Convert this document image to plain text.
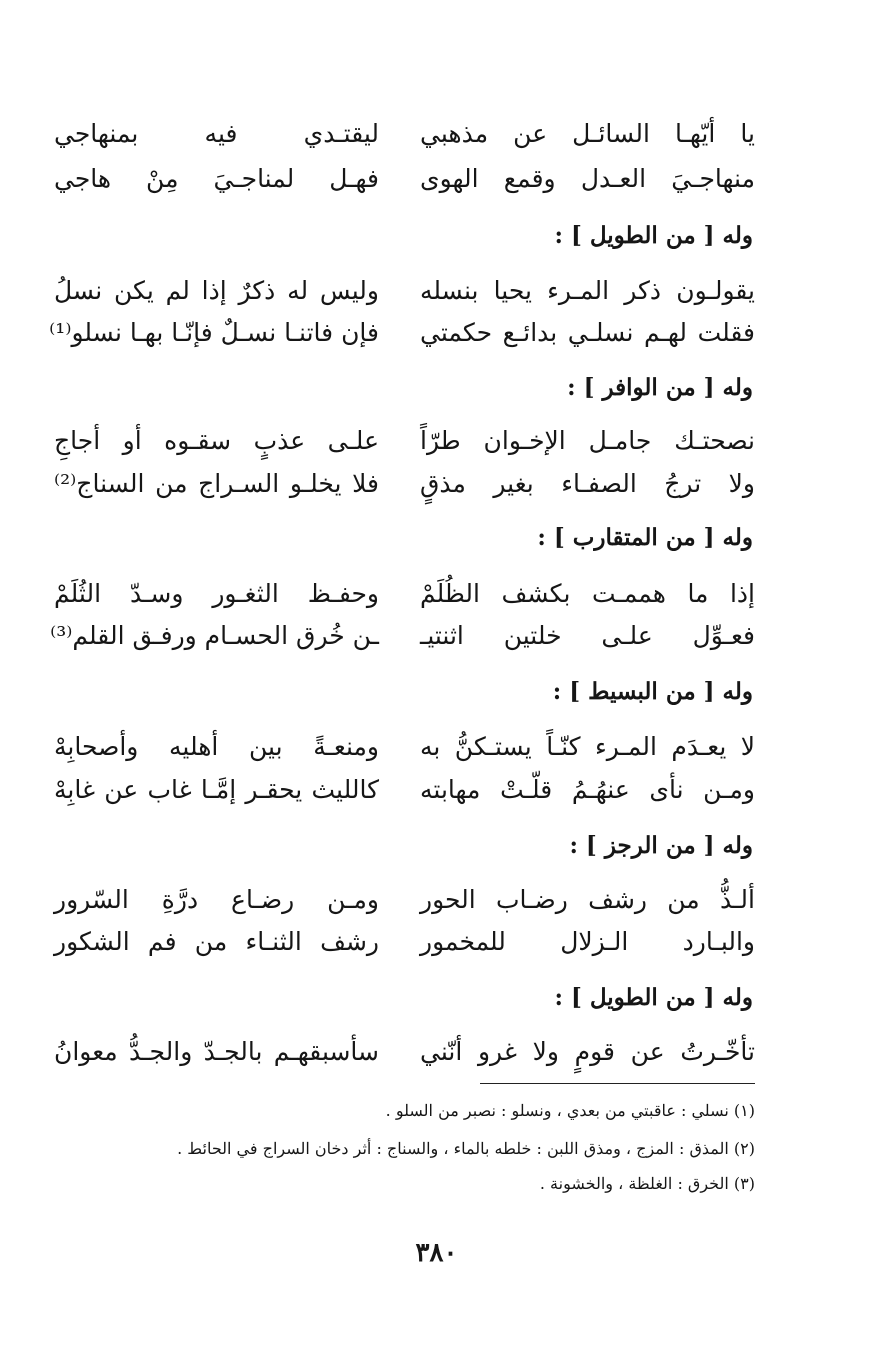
يا أيّهـا السائـل عن مذهبي
ليقتـدي فيه بمنهاجي
منهاجـيَ العـدل وقمع الهوى
فهـل لمناجـيَ مِنْ هاجي
وله [ من الطويل ] :
يقولـون ذكر المـرء يحيا بنسله
وليس له ذكرٌ إذا لم يكن نسلُ
فقلت لهـم نسلـي بدائـع حكمتي
فإن فاتنـا نسـلٌ فإنّـا بهـا نسلو⁽¹⁾
وله [ من الوافر ] :
نصحتـك جامـل الإخـوان طرّاً
علـى عذبٍ سقـوه أو أجاجِ
ولا ترجُ الصفـاء بغير مذقٍ
فلا يخلـو السـراج من السناج⁽²⁾
وله [ من المتقارب ] :
إذا ما هممـت بكشف الظُلَمْ
وحفـظ الثغـور وسـدّ الثُلَمْ
فعـوِّل علـى خلتين اثنتيـ
ـن خُرق الحسـام ورفـق القلم⁽³⁾
وله [ من البسيط ] :
لا يعـدَم المـرء كنّـاً يستـكنُّ به
ومنعـةً بين أهليه وأصحابِهْ
ومـن نأى عنهُـمُ قلّـتْ مهابته
كالليث يحقـر إمَّـا غاب عن غابِهْ
وله [ من الرجز ] :
ألـذُّ من رشف رضـاب الحور
ومـن رضـاع درَّةِ السّرور
والبـارد الـزلال للمخمور
رشف الثنـاء من فم الشكور
وله [ من الطويل ] :
تأخّـرتُ عن قومٍ ولا غرو أنّني
سأسبقهـم بالجـدّ والجـدُّ معوانُ
(١) نسلي : عاقبتي من بعدي ، ونسلو : نصبر من السلو .
(٢) المذق : المزج ، ومذق اللبن : خلطه بالماء ، والسناج : أثر دخان السراج في الحائط .
(٣) الخرق : الغلظة ، والخشونة .
٣٨٠
